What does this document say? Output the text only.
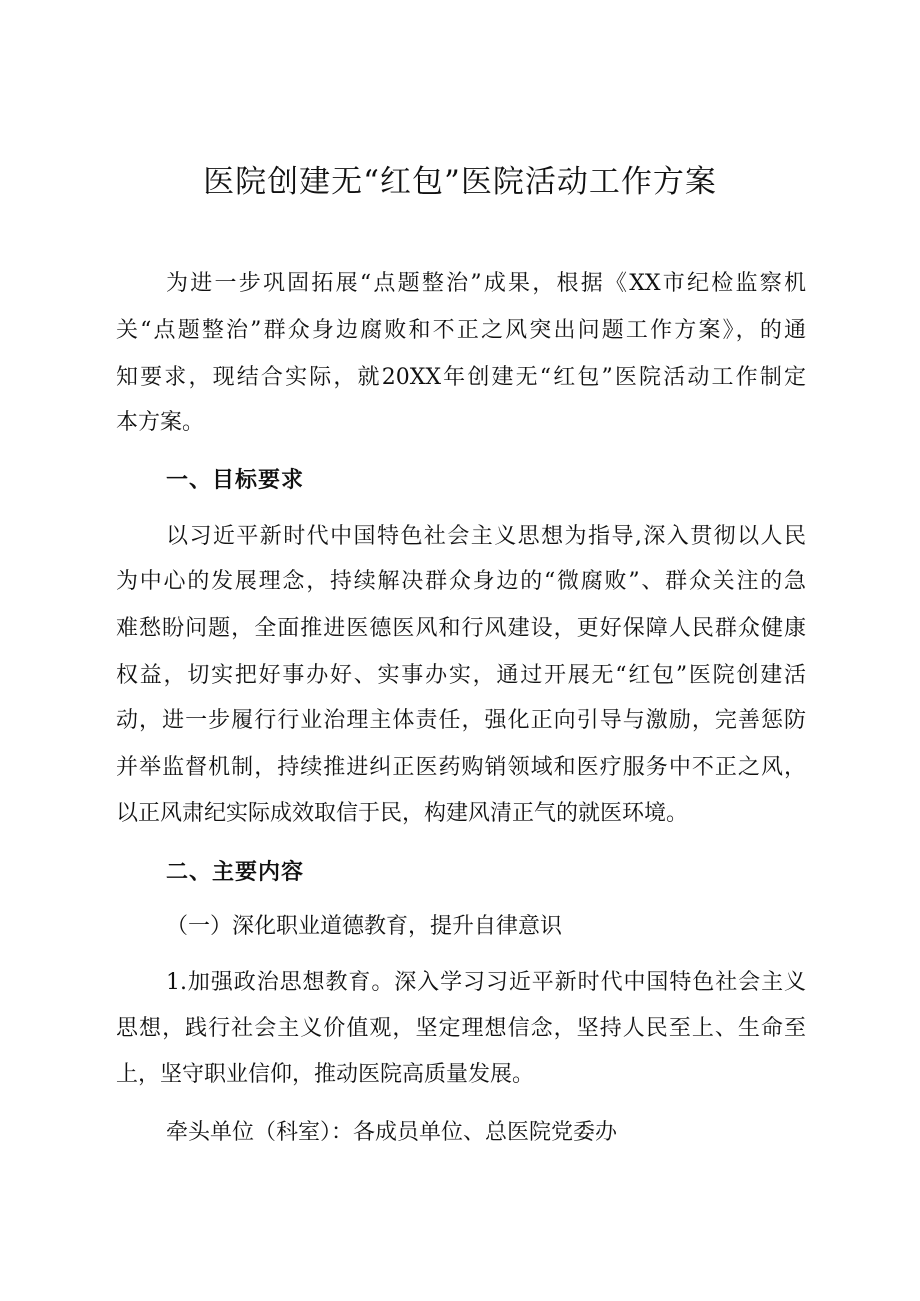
医院创建无“红包”医院活动工作方案
为进一步巩固拓展“点题整治”成果，根据《XX市纪检监察机
关“点题整治”群众身边腐败和不正之风突出问题工作方案》，的通
知要求，现结合实际，就20XX年创建无“红包”医院活动工作制定
本方案。
一、目标要求
以习近平新时代中国特色社会主义思想为指导,深入贯彻以人民
为中心的发展理念，持续解决群众身边的“微腐败”、群众关注的急
难愁盼问题，全面推进医德医风和行风建设，更好保障人民群众健康
权益，切实把好事办好、实事办实，通过开展无“红包”医院创建活
动，进一步履行行业治理主体责任，强化正向引导与激励，完善惩防
并举监督机制，持续推进纠正医药购销领域和医疗服务中不正之风，
以正风肃纪实际成效取信于民，构建风清正气的就医环境。
二、主要内容
（一）深化职业道德教育，提升自律意识
1.加强政治思想教育。深入学习习近平新时代中国特色社会主义
思想，践行社会主义价值观，坚定理想信念，坚持人民至上、生命至
上，坚守职业信仰，推动医院高质量发展。
牵头单位（科室）：各成员单位、总医院党委办
